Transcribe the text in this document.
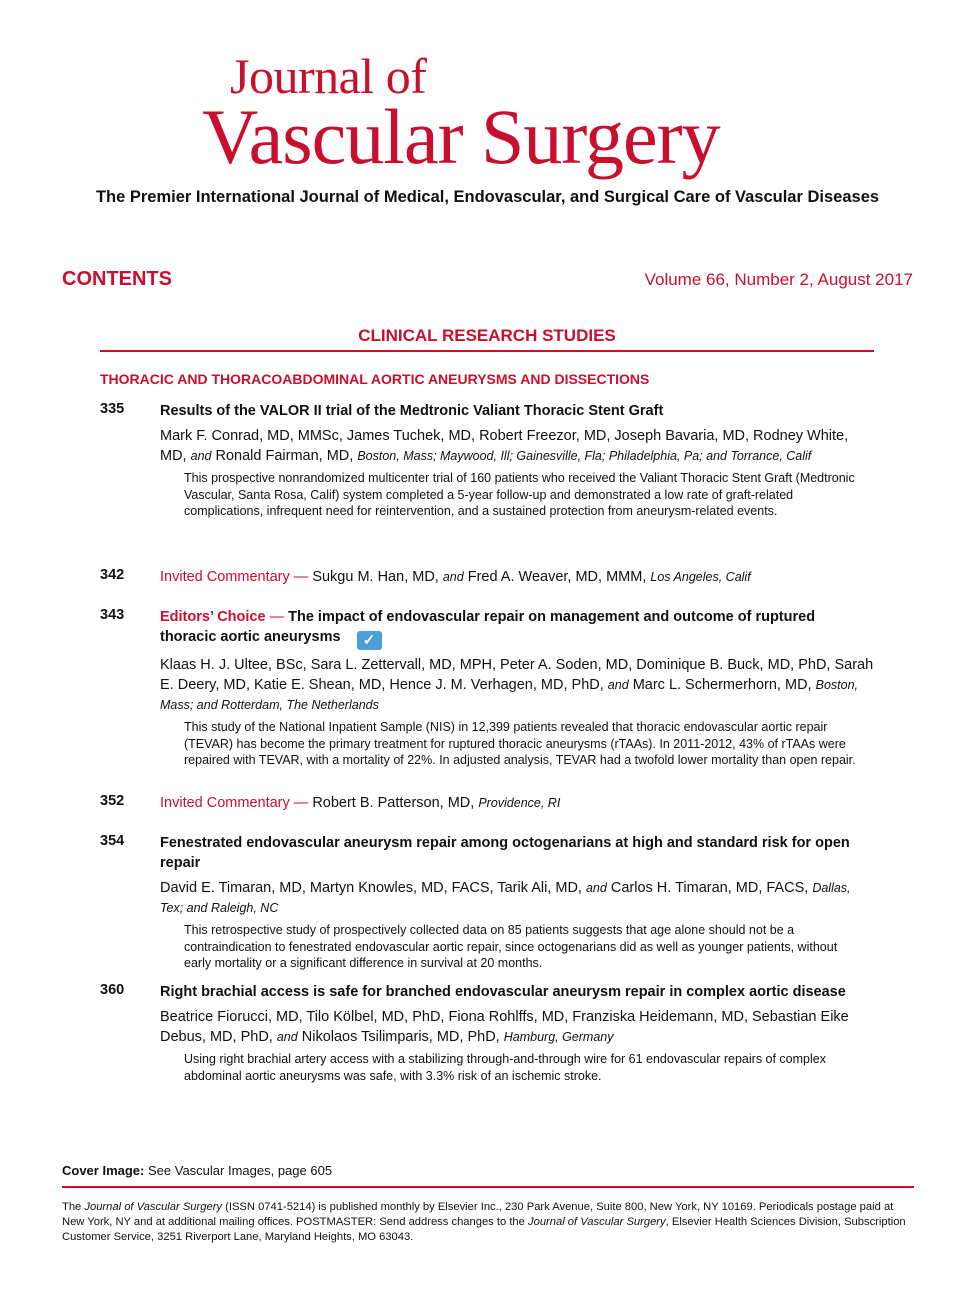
Journal of
Vascular Surgery
The Premier International Journal of Medical, Endovascular, and Surgical Care of Vascular Diseases
CONTENTS	Volume 66, Number 2, August 2017
CLINICAL RESEARCH STUDIES
THORACIC AND THORACOABDOMINAL AORTIC ANEURYSMS AND DISSECTIONS
335	Results of the VALOR II trial of the Medtronic Valiant Thoracic Stent Graft
Mark F. Conrad, MD, MMSc, James Tuchek, MD, Robert Freezor, MD, Joseph Bavaria, MD, Rodney White, MD, and Ronald Fairman, MD, Boston, Mass; Maywood, Ill; Gainesville, Fla; Philadelphia, Pa; and Torrance, Calif
This prospective nonrandomized multicenter trial of 160 patients who received the Valiant Thoracic Stent Graft (Medtronic Vascular, Santa Rosa, Calif) system completed a 5-year follow-up and demonstrated a low rate of graft-related complications, infrequent need for reintervention, and a sustained protection from aneurysm-related events.
342	Invited Commentary — Sukgu M. Han, MD, and Fred A. Weaver, MD, MMM, Los Angeles, Calif
343	Editors’ Choice — The impact of endovascular repair on management and outcome of ruptured thoracic aortic aneurysms ✓
Klaas H. J. Ultee, BSc, Sara L. Zettervall, MD, MPH, Peter A. Soden, MD, Dominique B. Buck, MD, PhD, Sarah E. Deery, MD, Katie E. Shean, MD, Hence J. M. Verhagen, MD, PhD, and Marc L. Schermerhorn, MD, Boston, Mass; and Rotterdam, The Netherlands
This study of the National Inpatient Sample (NIS) in 12,399 patients revealed that thoracic endovascular aortic repair (TEVAR) has become the primary treatment for ruptured thoracic aneurysms (rTAAs). In 2011-2012, 43% of rTAAs were repaired with TEVAR, with a mortality of 22%. In adjusted analysis, TEVAR had a twofold lower mortality than open repair.
352	Invited Commentary — Robert B. Patterson, MD, Providence, RI
354	Fenestrated endovascular aneurysm repair among octogenarians at high and standard risk for open repair
David E. Timaran, MD, Martyn Knowles, MD, FACS, Tarik Ali, MD, and Carlos H. Timaran, MD, FACS, Dallas, Tex; and Raleigh, NC
This retrospective study of prospectively collected data on 85 patients suggests that age alone should not be a contraindication to fenestrated endovascular aortic repair, since octogenarians did as well as younger patients, without early mortality or a significant difference in survival at 20 months.
360	Right brachial access is safe for branched endovascular aneurysm repair in complex aortic disease
Beatrice Fiorucci, MD, Tilo Kölbel, MD, PhD, Fiona Rohlffs, MD, Franziska Heidemann, MD, Sebastian Eike Debus, MD, PhD, and Nikolaos Tsilimparis, MD, PhD, Hamburg, Germany
Using right brachial artery access with a stabilizing through-and-through wire for 61 endovascular repairs of complex abdominal aortic aneurysms was safe, with 3.3% risk of an ischemic stroke.
Cover Image: See Vascular Images, page 605
The Journal of Vascular Surgery (ISSN 0741-5214) is published monthly by Elsevier Inc., 230 Park Avenue, Suite 800, New York, NY 10169. Periodicals postage paid at New York, NY and at additional mailing offices. POSTMASTER: Send address changes to the Journal of Vascular Surgery, Elsevier Health Sciences Division, Subscription Customer Service, 3251 Riverport Lane, Maryland Heights, MO 63043.
